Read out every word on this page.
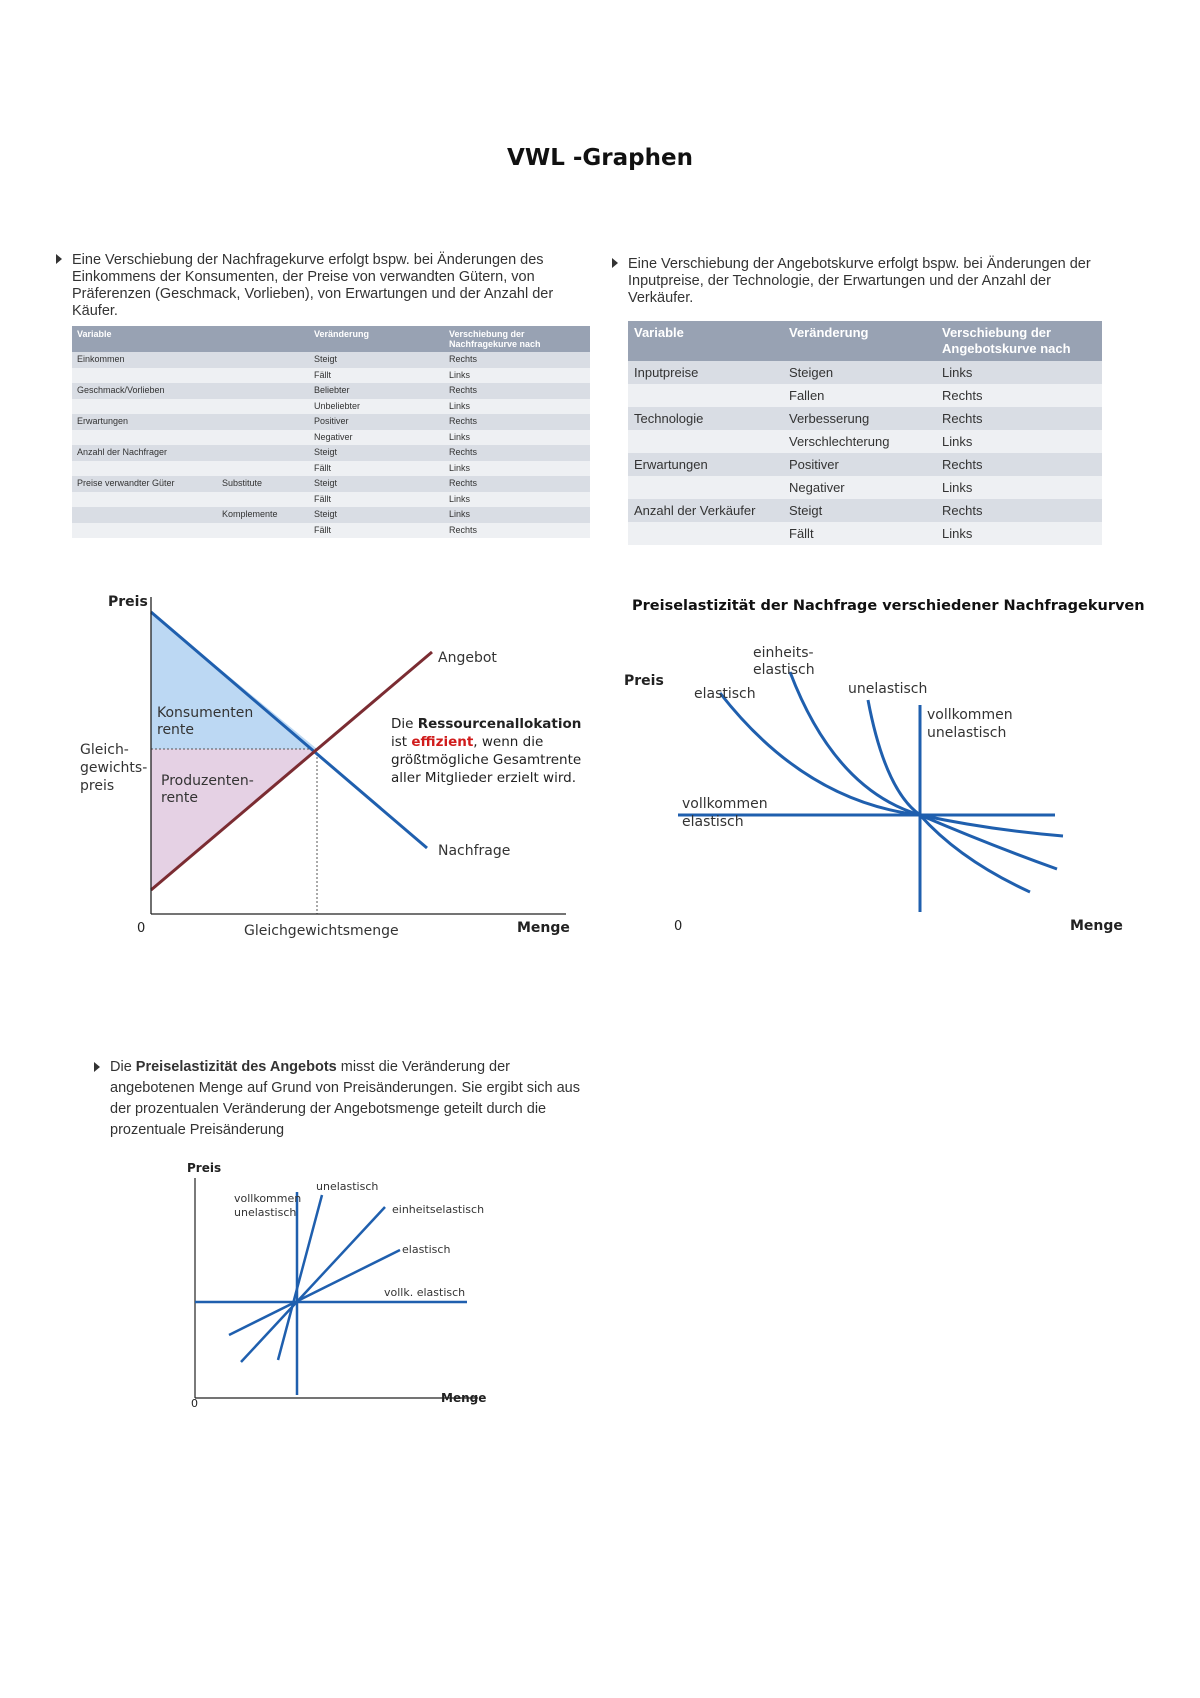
VWL -Graphen
Eine Verschiebung der Nachfragekurve erfolgt bspw. bei Änderungen des Einkommens der Konsumenten, der Preise von verwandten Gütern, von Präferenzen (Geschmack, Vorlieben), von Erwartungen und der Anzahl der Käufer.
Variable		Veränderung	Verschiebung der Nachfragekurve nach
Einkommen		Steigt	Rechts
		Fällt	Links
Geschmack/Vorlieben		Beliebter	Rechts
		Unbeliebter	Links
Erwartungen		Positiver	Rechts
		Negativer	Links
Anzahl der Nachfrager		Steigt	Rechts
		Fällt	Links
Preise verwandter Güter	Substitute	Steigt	Rechts
		Fällt	Links
	Komplemente	Steigt	Links
		Fällt	Rechts
Eine Verschiebung der Angebotskurve erfolgt bspw. bei Änderungen der Inputpreise, der Technologie, der Erwartungen und der Anzahl der Verkäufer.
Variable	Veränderung	Verschiebung der Angebotskurve nach
Inputpreise	Steigen	Links
	Fallen	Rechts
Technologie	Verbesserung	Rechts
	Verschlechterung	Links
Erwartungen	Positiver	Rechts
	Negativer	Links
Anzahl der Verkäufer	Steigt	Rechts
	Fällt	Links
Die Preiselastizität des Angebots misst die Veränderung der angebotenen Menge auf Grund von Preisänderungen. Sie ergibt sich aus der prozentualen Veränderung der Angebotsmenge geteilt durch die prozentuale Preisänderung
Preis
Menge
0	Gleichgewichtsmenge
Gleich-
gewichts-
preis
Konsumenten
rente
Produzenten-
rente
Angebot
Nachfrage
Die Ressourcenallokation
ist effizient, wenn die
größtmögliche Gesamtrente
aller Mitglieder erzielt wird.
Preiselastizität der Nachfrage verschiedener Nachfragekurven
Preis
Menge
0
einheits-
elastisch
elastisch	unelastisch
vollkommen
unelastisch
vollkommen
elastisch
Preis
Menge
0
vollkommen
unelastisch
unelastisch
einheitselastisch
elastisch
vollk. elastisch
